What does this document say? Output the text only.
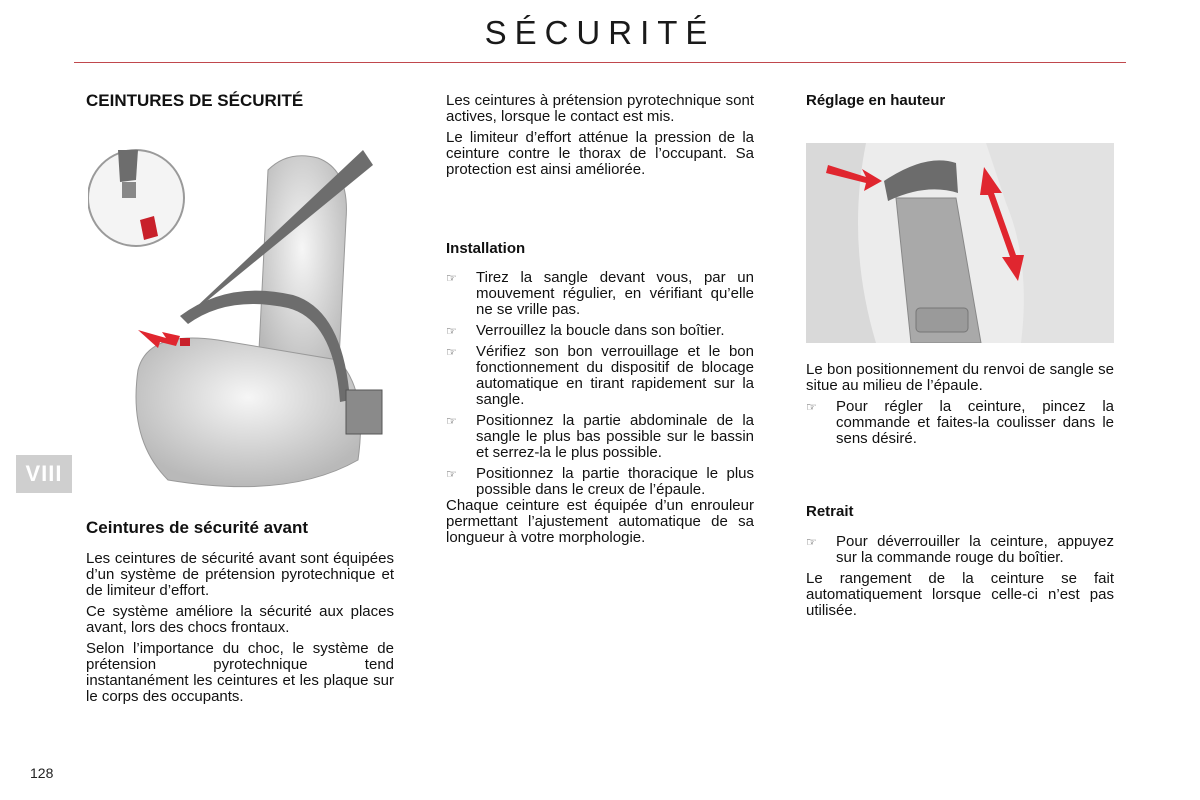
SÉCURITÉ
VIII
128
CEINTURES DE SÉCURITÉ
Ceintures de sécurité avant

Les ceintures de sécurité avant sont équipées d’un système de prétension pyrotechnique et de limiteur d’effort.

Ce système améliore la sécurité aux places avant, lors des chocs frontaux.

Selon l’importance du choc, le système de prétension pyrotechnique tend instantanément les ceintures et les plaque sur le corps des occupants.

Les ceintures à prétension pyrotechnique sont actives, lorsque le contact est mis.

Le limiteur d’effort atténue la pression de la ceinture contre le thorax de l’occupant. Sa protection est ainsi améliorée.

Installation
☞	Tirez la sangle devant vous, par un mouvement régulier, en vérifiant qu’elle ne se vrille pas.
☞	Verrouillez la boucle dans son boîtier.
☞	Vérifiez son bon verrouillage et le bon fonctionnement du dispositif de blocage automatique en tirant rapidement sur la sangle.
☞	Positionnez la partie abdominale de la sangle le plus bas possible sur le bassin et serrez-la le plus possible.
☞	Positionnez la partie thoracique le plus possible dans le creux de l’épaule.

Chaque ceinture est équipée d’un enrouleur permettant l’ajustement automatique de sa longueur à votre morphologie.

Réglage en hauteur

Le bon positionnement du renvoi de sangle se situe au milieu de l’épaule.

☞	Pour régler la ceinture, pincez la commande et faites-la coulisser dans le sens désiré.
Retrait
☞	Pour déverrouiller la ceinture, appuyez sur la commande rouge du boîtier.

Le rangement de la ceinture se fait automatiquement lorsque celle-ci n’est pas utilisée.
